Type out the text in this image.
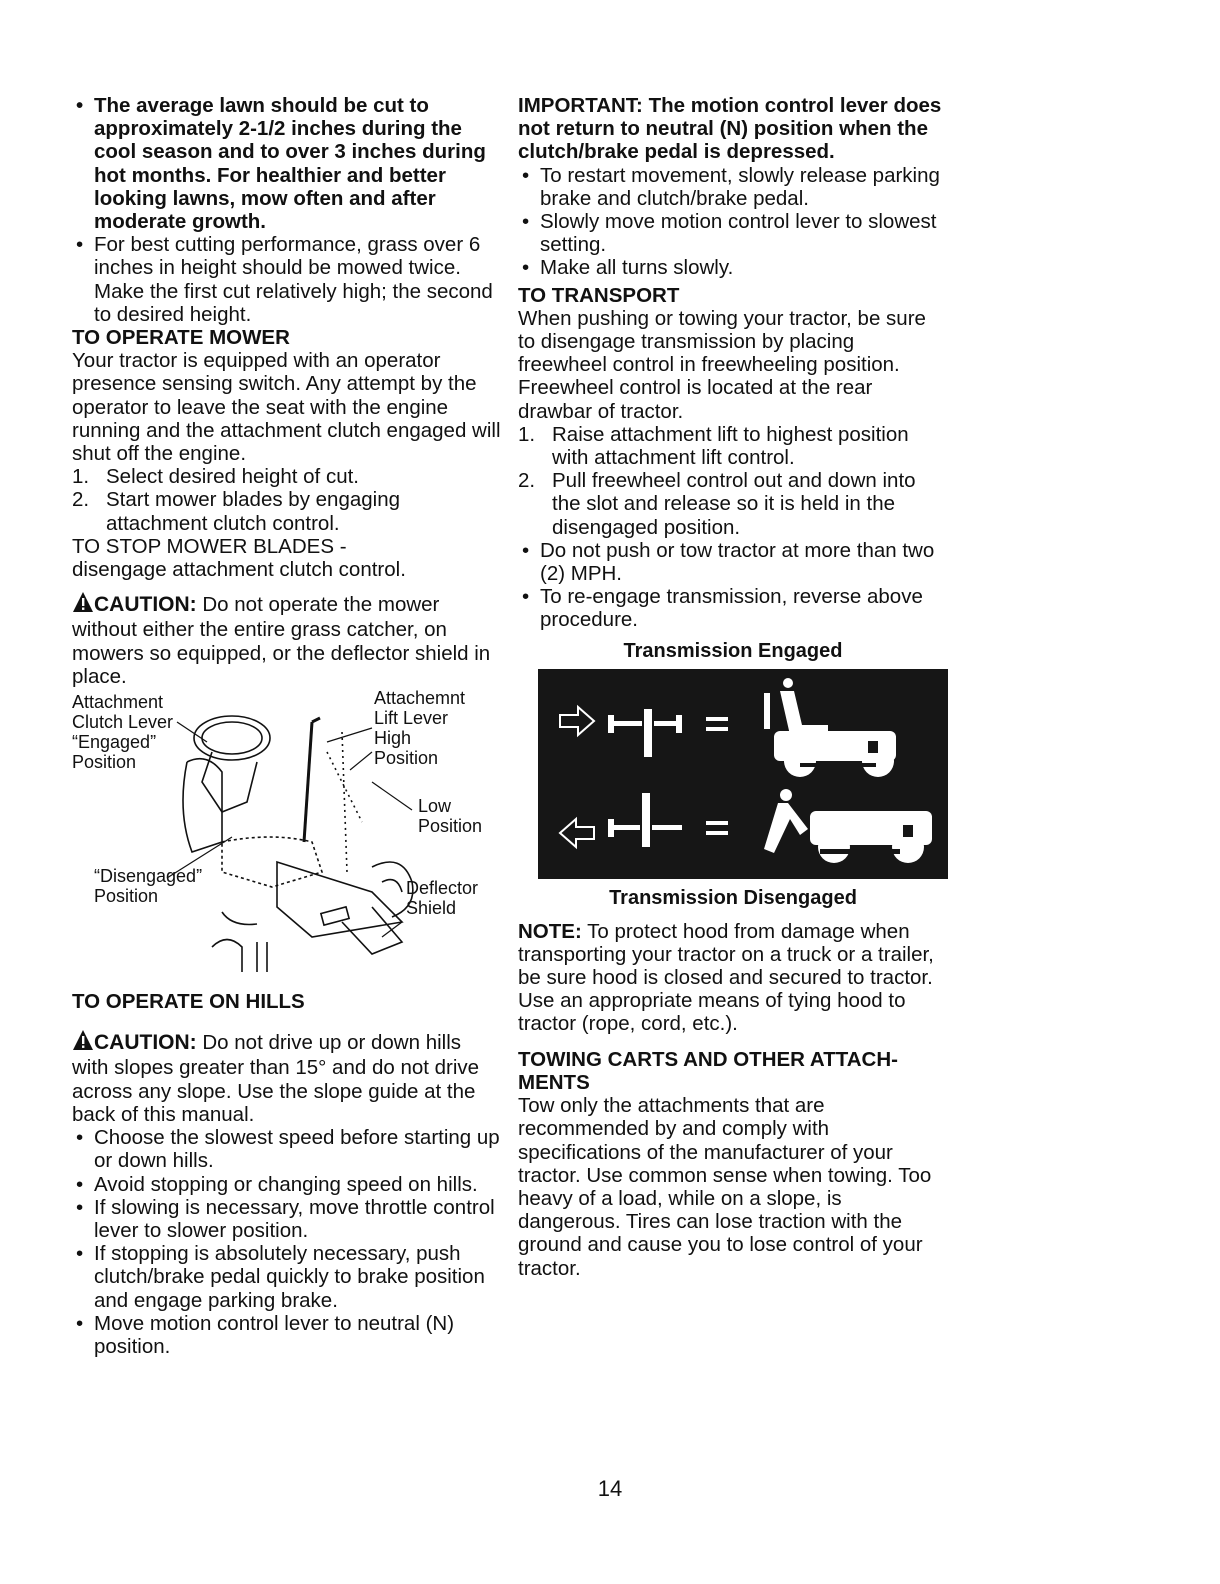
• The average lawn should be cut to approximately 2-1/2 inches during the cool season and to over 3 inches during hot months. For healthier and better looking lawns, mow often and after moderate growth.
• For best cutting performance, grass over 6 inches in height should be mowed twice. Make the first cut relatively high; the second to desired height.
TO OPERATE MOWER

Your tractor is equipped with an operator presence sensing switch. Any attempt by the operator to leave the seat with the engine running and the attachment clutch engaged will shut off the engine.

1. Select desired height of cut.
2. Start mower blades by engaging attachment clutch control.

TO STOP MOWER BLADES -

disengage attachment clutch control.

CAUTION: Do not operate the mower without either the entire grass catcher, on mowers so equipped, or the deflector shield in place.

Attachment Clutch Lever “Engaged” Position
Attachemnt Lift Lever
High Position
Low Position
“Disengaged” Position	Deflector Shield
TO OPERATE ON HILLS

CAUTION: Do not drive up or down hills with slopes greater than 15° and do not drive across any slope. Use the slope guide at the back of this manual.

• Choose the slowest speed before starting up or down hills.
• Avoid stopping or changing speed on hills.
• If slowing is necessary, move throttle control lever to slower position.
• If stopping is absolutely necessary, push clutch/brake pedal quickly to brake position and engage parking brake.
• Move motion control lever to neutral (N) position.

IMPORTANT: The motion control lever does not return to neutral (N) position when the clutch/brake pedal is depressed.

• To restart movement, slowly release parking brake and clutch/brake pedal.
• Slowly move motion control lever to slowest setting.
• Make all turns slowly.
TO TRANSPORT

When pushing or towing your tractor, be sure to disengage transmission by placing freewheel control in freewheeling position. Freewheel control is located at the rear drawbar of tractor.

1. Raise attachment lift to highest position with attachment lift control.
2. Pull freewheel control out and down into the slot and release so it is held in the disengaged position.
• Do not push or tow tractor at more than two (2) MPH.
• To re-engage transmission, reverse above procedure.
Transmission Engaged
Transmission Disengaged

NOTE: To protect hood from damage when transporting your tractor on a truck or a trailer, be sure hood is closed and secured to tractor. Use an appropriate means of tying hood to tractor (rope, cord, etc.).

TOWING CARTS AND OTHER ATTACH-MENTS

Tow only the attachments that are recommended by and comply with specifications of the manufacturer of your tractor. Use common sense when towing. Too heavy of a load, while on a slope, is dangerous. Tires can lose traction with the ground and cause you to lose control of your tractor.

14
